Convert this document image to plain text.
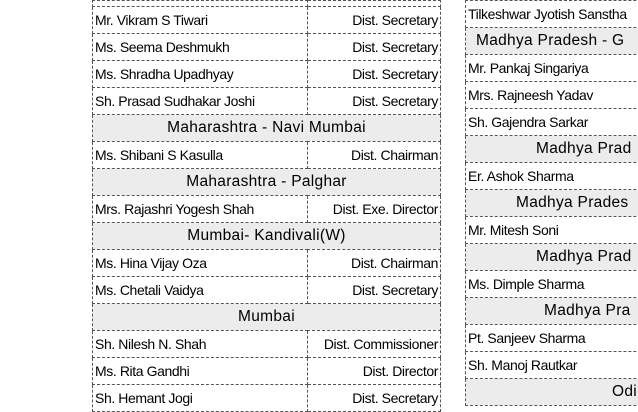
Mr. Vikram S Tiwari	Dist. Secretary
Ms. Seema Deshmukh	Dist. Secretary
Ms. Shradha Upadhyay	Dist. Secretary
Sh. Prasad Sudhakar Joshi	Dist. Secretary
Maharashtra - Navi Mumbai	
Ms. Shibani S Kasulla	Dist. Chairman
Maharashtra - Palghar	
Mrs. Rajashri Yogesh Shah	Dist. Exe. Director
Mumbai- Kandivali(W)	
Ms. Hina Vijay Oza	Dist. Chairman
Ms. Chetali Vaidya	Dist. Secretary
Mumbai	
Sh. Nilesh N. Shah	Dist. Commissioner
Ms. Rita Gandhi	Dist. Director
Sh. Hemant Jogi	Dist. Secretary
Tilkeshwar Jyotish Sanstha
Madhya Pradesh - G
Mr. Pankaj Singariya
Mrs. Rajneesh Yadav
Sh. Gajendra Sarkar
Madhya Prad
Er. Ashok Sharma
Madhya Prades
Mr. Mitesh Soni
Madhya Prad
Ms. Dimple Sharma
Madhya Pra
Pt. Sanjeev Sharma
Sh. Manoj Rautkar
Odi
